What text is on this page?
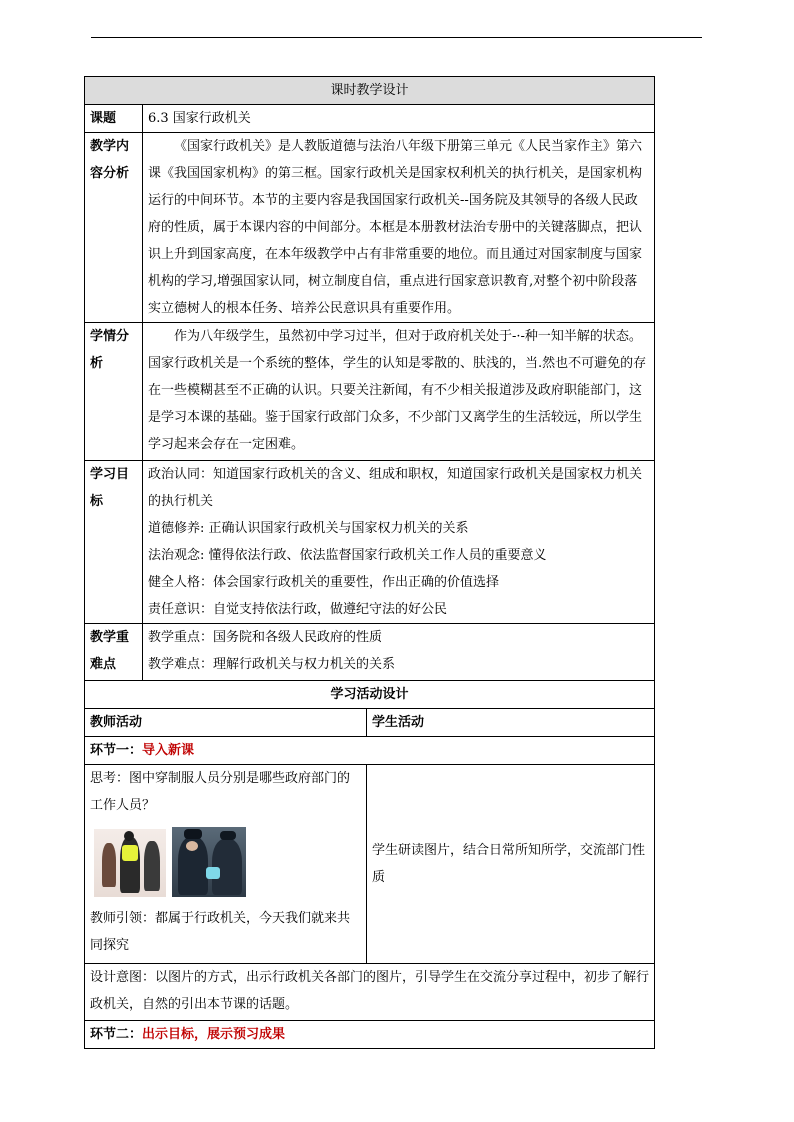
课时教学设计		
课题	6.3 国家行政机关	
教学内容分析	《国家行政机关》是人教版道德与法治八年级下册第三单元《人民当家作主》第六课《我国国家机构》的第三框。国家行政机关是国家权利机关的执行机关，是国家机构运行的中间环节。本节的主要内容是我国国家行政机关--国务院及其领导的各级人民政府的性质，属于本课内容的中间部分。本框是本册教材法治专册中的关键落脚点，把认识上升到国家高度，在本年级教学中占有非常重要的地位。而且通过对国家制度与国家机构的学习,增强国家认同，树立制度自信，重点进行国家意识教育,对整个初中阶段落实立德树人的根本任务、培养公民意识具有重要作用。	

学情分析	作为八年级学生，虽然初中学习过半，但对于政府机关处于-·-种一知半解的状态。国家行政机关是一个系统的整体，学生的认知是零散的、肤浅的，当.然也不可避免的存在一些模糊甚至不正确的认识。只要关注新闻，有不少相关报道涉及政府职能部门，这是学习本课的基础。鉴于国家行政部门众多，不少部门又离学生的生活较远，所以学生学习起来会存在一定困难。	

学习目标	政治认同：知道国家行政机关的含义、组成和职权，知道国家行政机关是国家权力机关的执行机关

道德修养: 正确认识国家行政机关与国家权力机关的关系

法治观念: 懂得依法行政、依法监督国家行政机关工作人员的重要意义

健全人格：体会国家行政机关的重要性，作出正确的价值选择

责任意识：自觉支持依法行政，做遵纪守法的好公民	

教学重难点	教学重点：国务院和各级人民政府的性质

教学难点：理解行政机关与权力机关的关系	

学习活动设计		
教师活动		学生活动
环节一：导入新课		

思考：图中穿制服人员分别是哪些政府部门的工作人员？

教师引领：都属于行政机关，今天我们就来共同探究		学生研读图片，结合日常所知所学，交流部门性质

设计意图：以图片的方式，出示行政机关各部门的图片，引导学生在交流分享过程中，初步了解行政机关，自然的引出本节课的话题。		

环节二：出示目标，展示预习成果		
